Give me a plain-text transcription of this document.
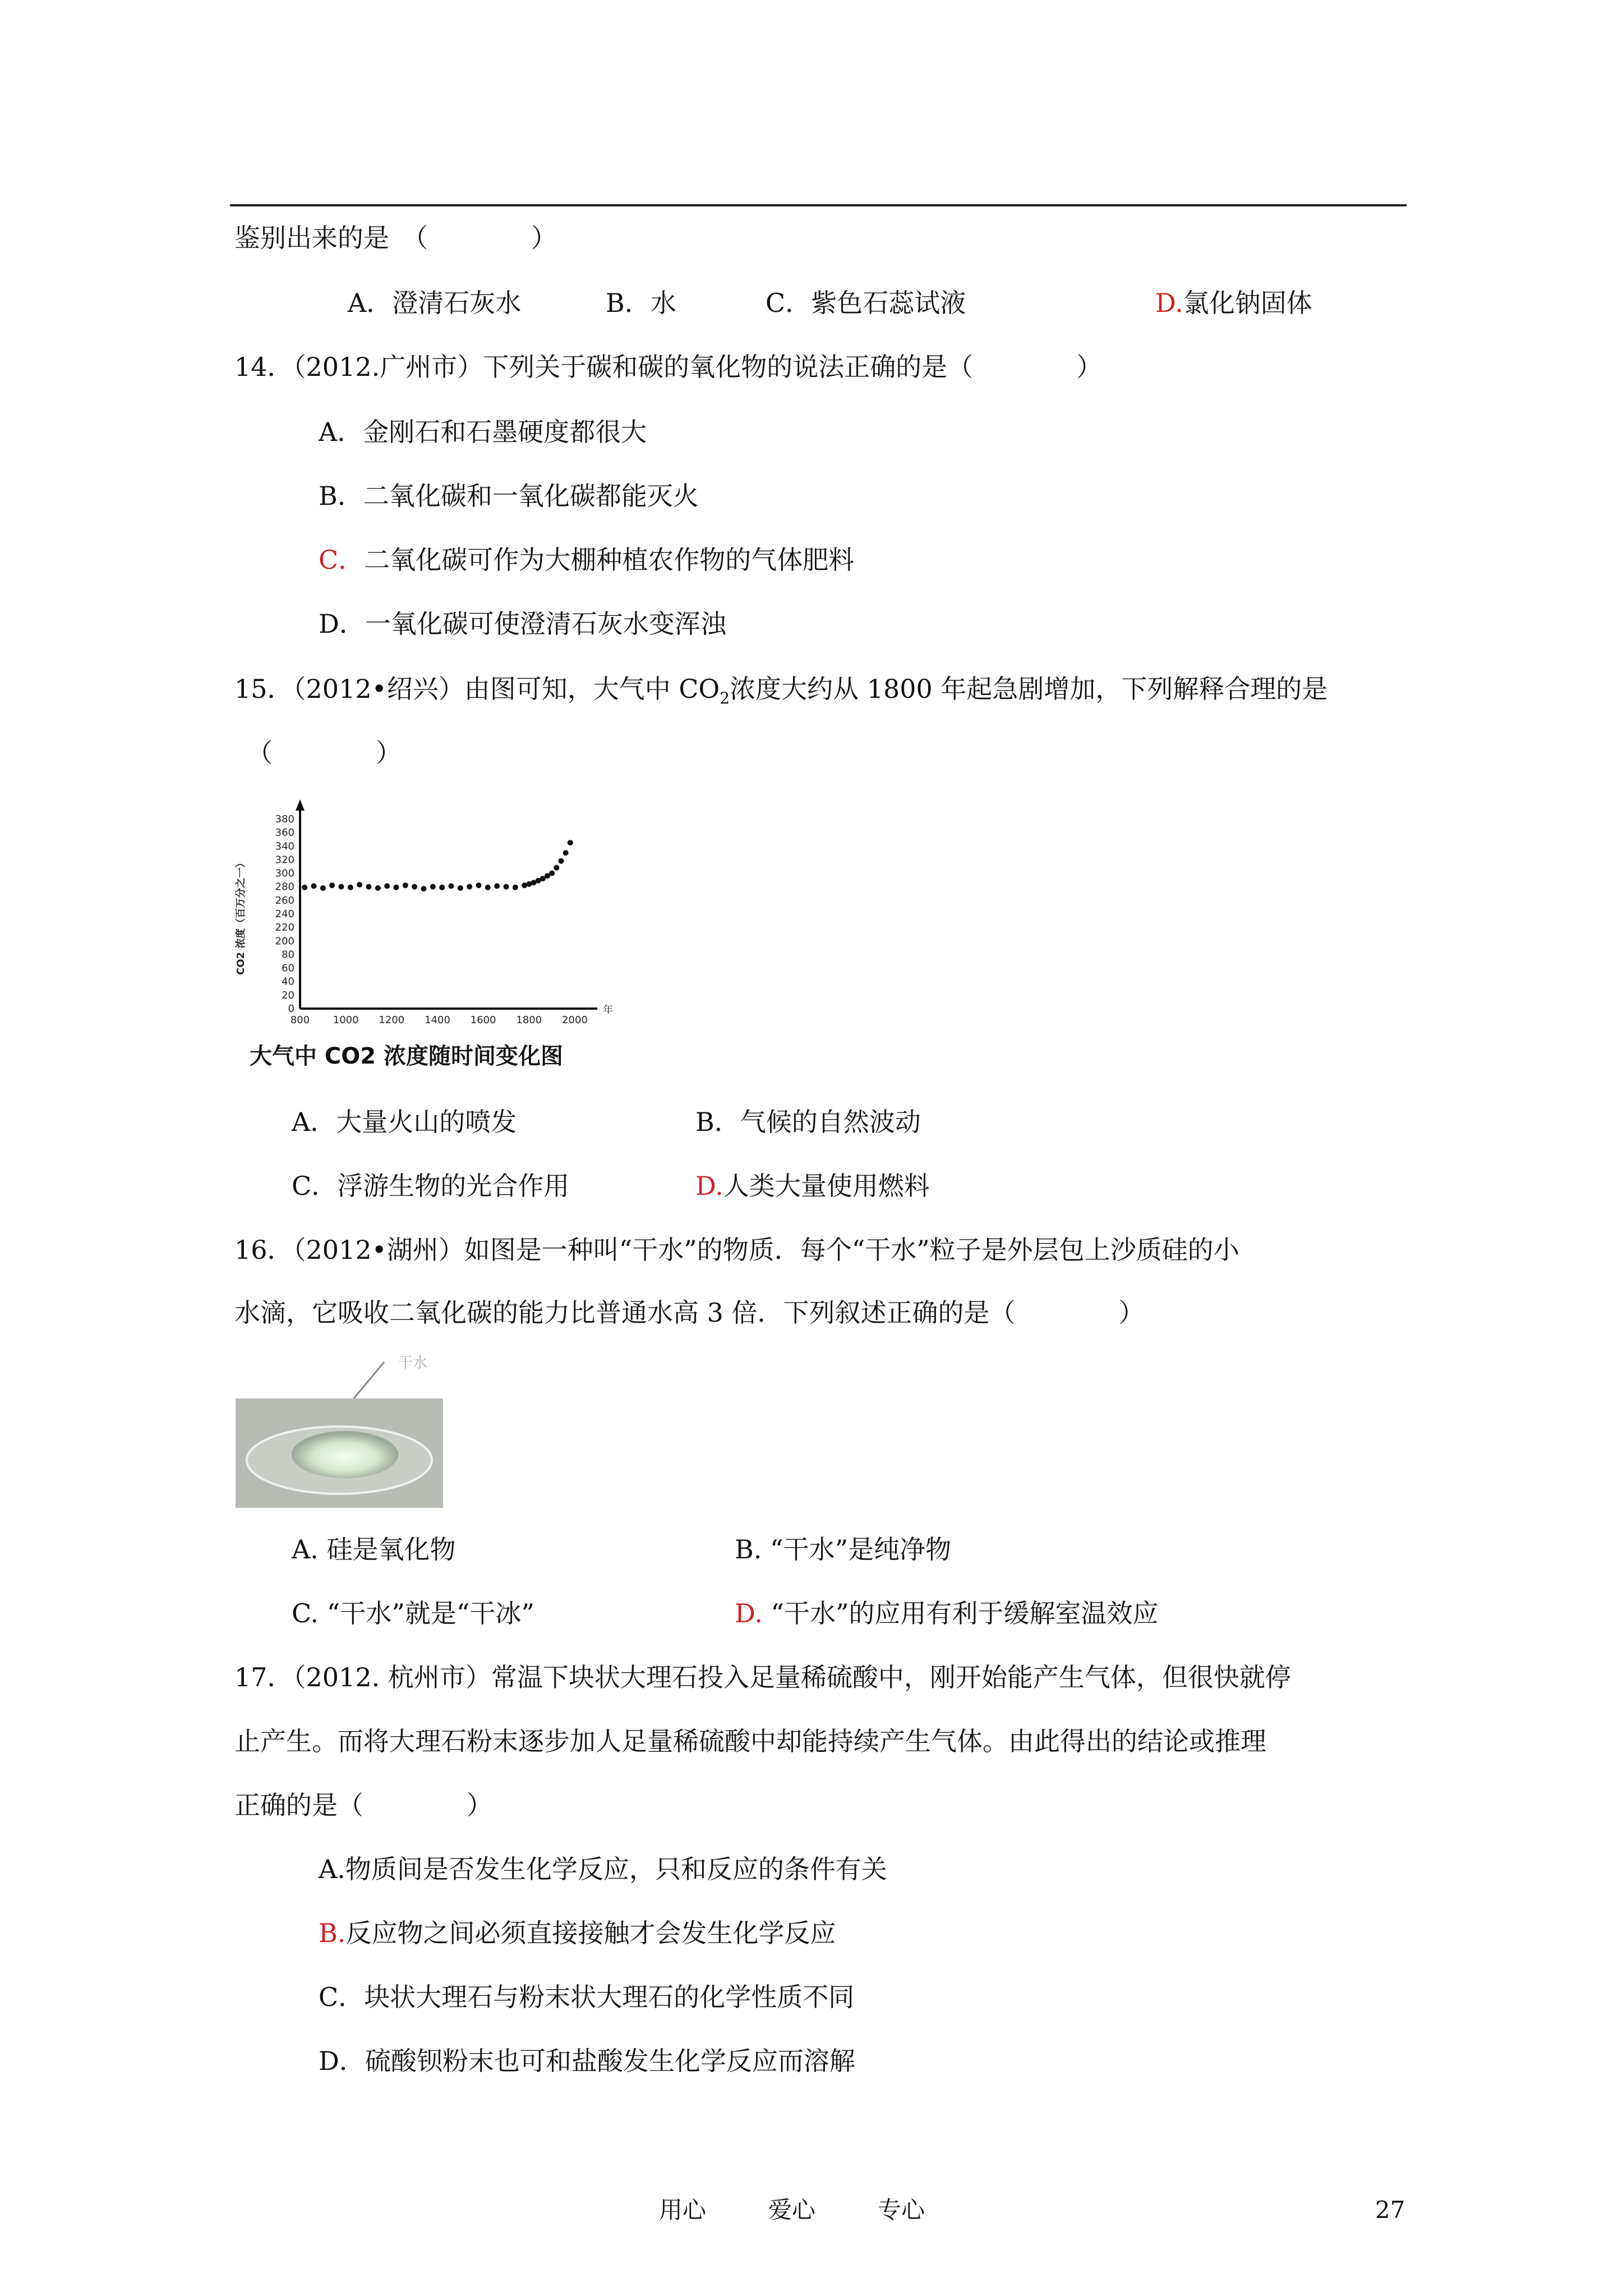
鉴别出来的是　（　　　　）
A．澄清石灰水	B．水	C．紫色石蕊试液	D.氯化钠固体
14．（2012.广州市）下列关于碳和碳的氧化物的说法正确的是（　　　　）
A．金刚石和石墨硬度都很大
B．二氧化碳和一氧化碳都能灭火
C．二氧化碳可作为大棚种植农作物的气体肥料
D．一氧化碳可使澄清石灰水变浑浊
15．（2012•绍兴）由图可知，大气中 $CO_2$浓度大约从 1800 年起急剧增加，下列解释合理的是
（　　　　）
CO2 浓度（百万分之一）
0
20
40
60
80
200
220
240
260
280
300
320
340
360
380
800 1000 1200 1400 1600 1800 2000
年
大气中 CO2 浓度随时间变化图
A．大量火山的喷发	B．气候的自然波动
C．浮游生物的光合作用	D.人类大量使用燃料
16．（2012•湖州）如图是一种叫“干水”的物质．每个“干水”粒子是外层包上沙质硅的小
水滴，它吸收二氧化碳的能力比普通水高 3 倍．下列叙述正确的是（　　　　）
干水
A. 硅是氧化物	B. “干水”是纯净物
C. “干水”就是“干冰”	D. “干水”的应用有利于缓解室温效应
17．（2012. 杭州市）常温下块状大理石投入足量稀硫酸中，刚开始能产生气体，但很快就停
止产生。而将大理石粉末逐步加人足量稀硫酸中却能持续产生气体。由此得出的结论或推理
正确的是（　　　　）
A.物质间是否发生化学反应，只和反应的条件有关
B.反应物之间必须直接接触才会发生化学反应
C．块状大理石与粉末状大理石的化学性质不同
D．硫酸钡粉末也可和盐酸发生化学反应而溶解
用心	爱心	专心	27
